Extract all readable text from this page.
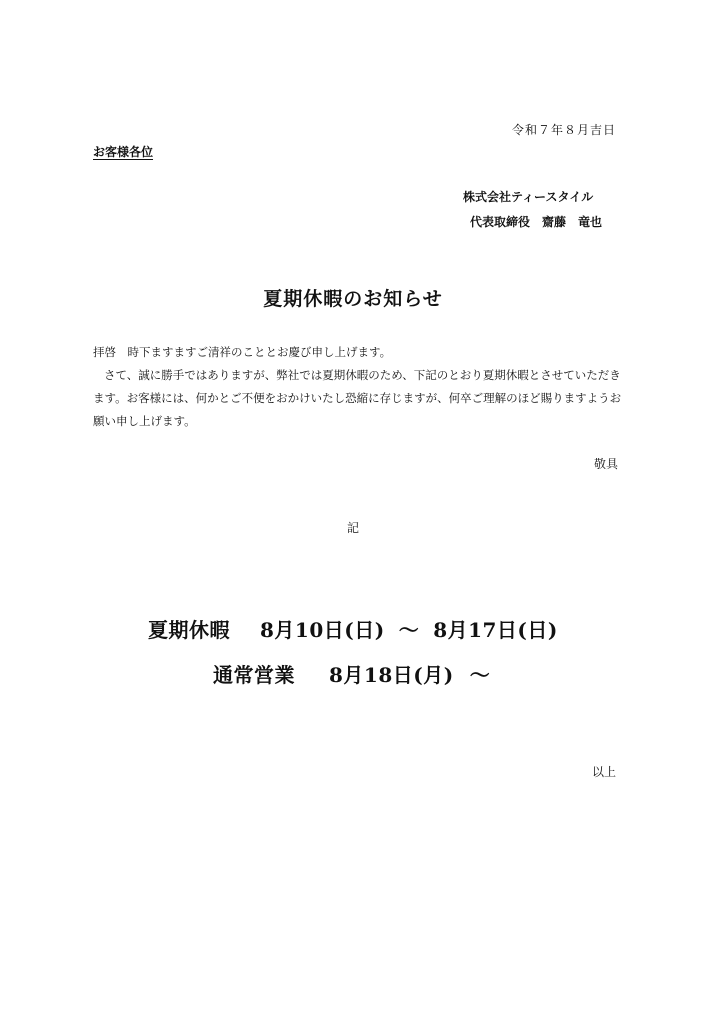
令和７年８月吉日
お客様各位
株式会社ティースタイル
代表取締役　齋藤　竜也
夏期休暇のお知らせ

拝啓　時下ますますご清祥のこととお慶び申し上げます。

さて、誠に勝手ではありますが、弊社では夏期休暇のため、下記のとおり夏期休暇とさせていただきます。お客様には、何かとご不便をおかけいたし恐縮に存じますが、何卒ご理解のほど賜りますようお願い申し上げます。

敬具
記
夏期休暇 8月10日(日) ～ 8月17日(日)
通常営業 8月18日(月) ～
以上
